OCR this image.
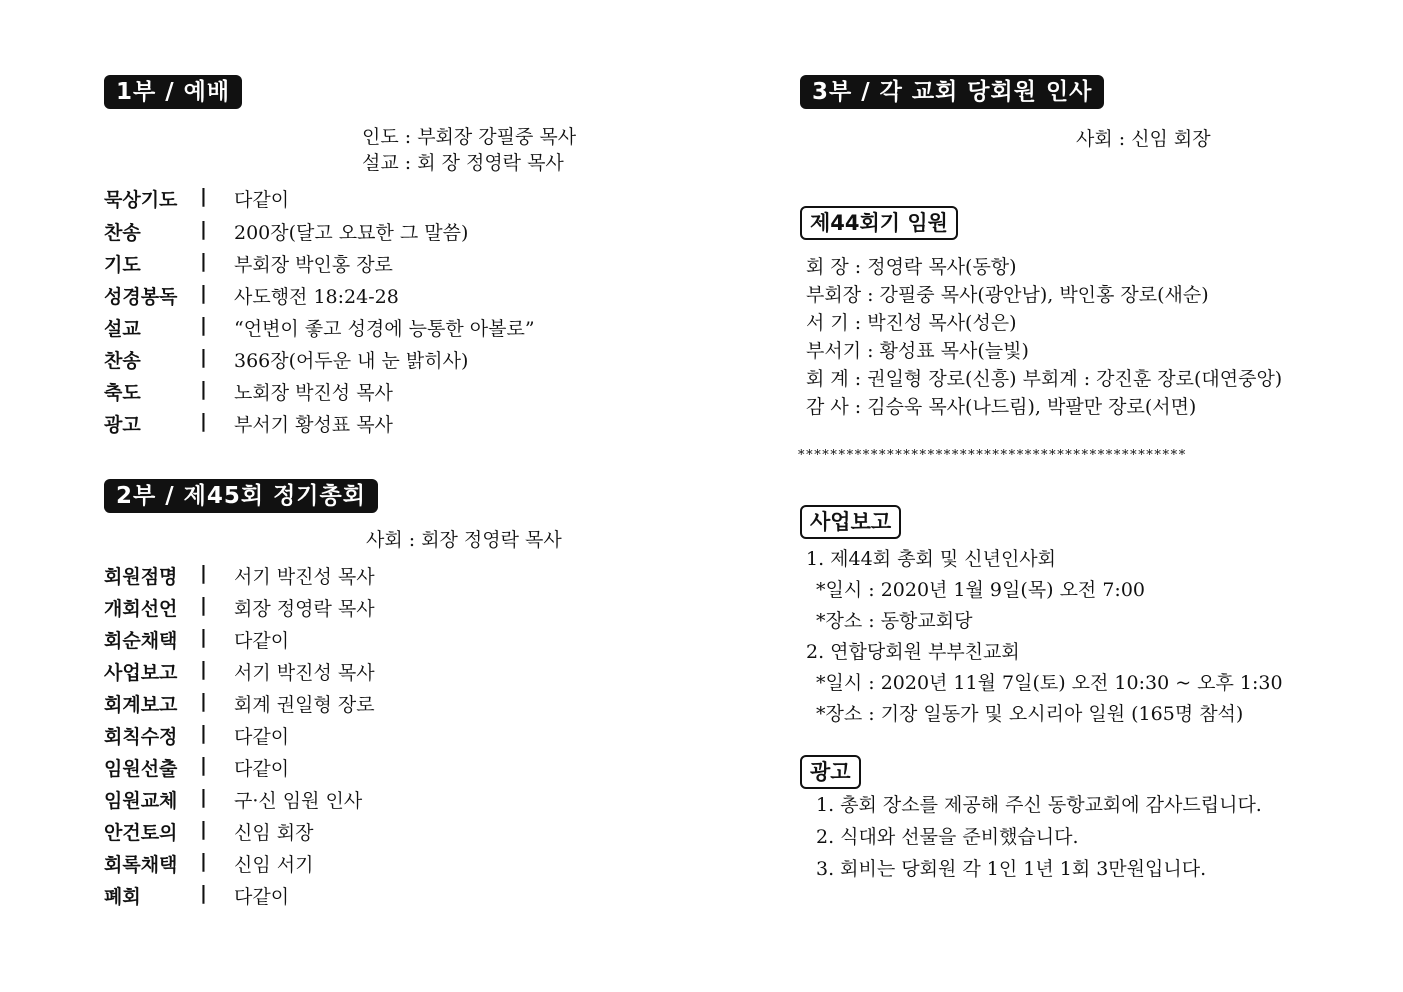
1부 / 예배
인도 : 부회장 강필중 목사
설교 : 회 장 정영락 목사
묵상기도	| 다같이
찬송	| 200장(달고 오묘한 그 말씀)
기도	| 부회장 박인홍 장로
성경봉독	| 사도행전 18:24-28
설교	| “언변이 좋고 성경에 능통한 아볼로”
찬송	| 366장(어두운 내 눈 밝히사)
축도	| 노회장 박진성 목사
광고	| 부서기 황성표 목사
2부 / 제45회 정기총회
사회 : 회장 정영락 목사
회원점명	| 서기 박진성 목사
개회선언	| 회장 정영락 목사
회순채택	| 다같이
사업보고	| 서기 박진성 목사
회계보고	| 회계 권일형 장로
회칙수정	| 다같이
임원선출	| 다같이
임원교체	| 구·신 임원 인사
안건토의	| 신임 회장
회록채택	| 신임 서기
폐회	| 다같이
3부 / 각 교회 당회원 인사
사회 : 신임 회장
제44회기 임원
회 장 : 정영락 목사(동항)
부회장 : 강필중 목사(광안남), 박인홍 장로(새순)
서 기 : 박진성 목사(성은)
부서기 : 황성표 목사(늘빛)
회 계 : 권일형 장로(신흥) 부회계 : 강진훈 장로(대연중앙)
감 사 : 김승욱 목사(나드림), 박팔만 장로(서면)
************************************************
사업보고
1. 제44회 총회 및 신년인사회
*일시 : 2020년 1월 9일(목) 오전 7:00
*장소 : 동항교회당
2. 연합당회원 부부친교회
*일시 : 2020년 11월 7일(토) 오전 10:30 ~ 오후 1:30
*장소 : 기장 일동가 및 오시리아 일원 (165명 참석)
광고
1. 총회 장소를 제공해 주신 동항교회에 감사드립니다.
2. 식대와 선물을 준비했습니다.
3. 회비는 당회원 각 1인 1년 1회 3만원입니다.
